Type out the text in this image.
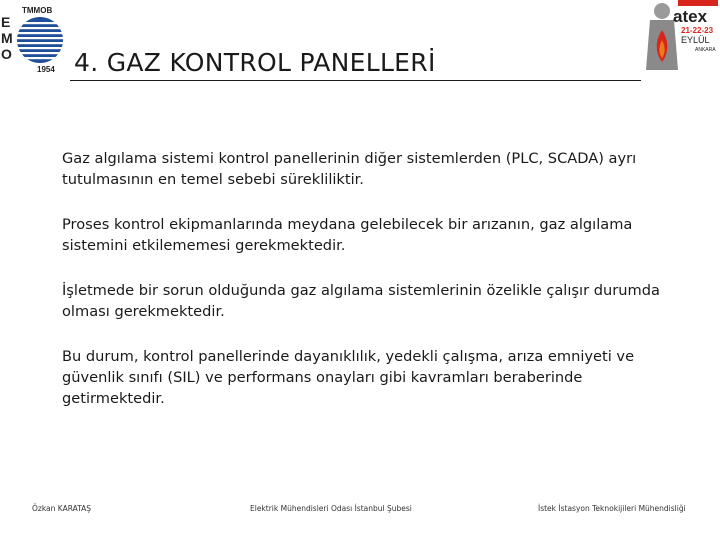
TMMOB
E
M
O
1954
atex
21-22-23
EYLÜL
ANKARA
4. GAZ KONTROL PANELLERİ

Gaz algılama sistemi kontrol panellerinin diğer sistemlerden (PLC, SCADA) ayrı tutulmasının en temel sebebi sürekliliktir.

Proses kontrol ekipmanlarında meydana gelebilecek bir arızanın, gaz algılama sistemini etkilememesi gerekmektedir.

İşletmede bir sorun olduğunda gaz algılama sistemlerinin özelikle çalışır durumda olması gerekmektedir.

Bu durum, kontrol panellerinde dayanıklılık, yedekli çalışma, arıza emniyeti ve güvenlik sınıfı (SIL) ve performans onayları gibi kavramları beraberinde getirmektedir.

Özkan KARATAŞ	Elektrik Mühendisleri Odası İstanbul Şubesi	İstek İstasyon Teknokijileri Mühendisliği
